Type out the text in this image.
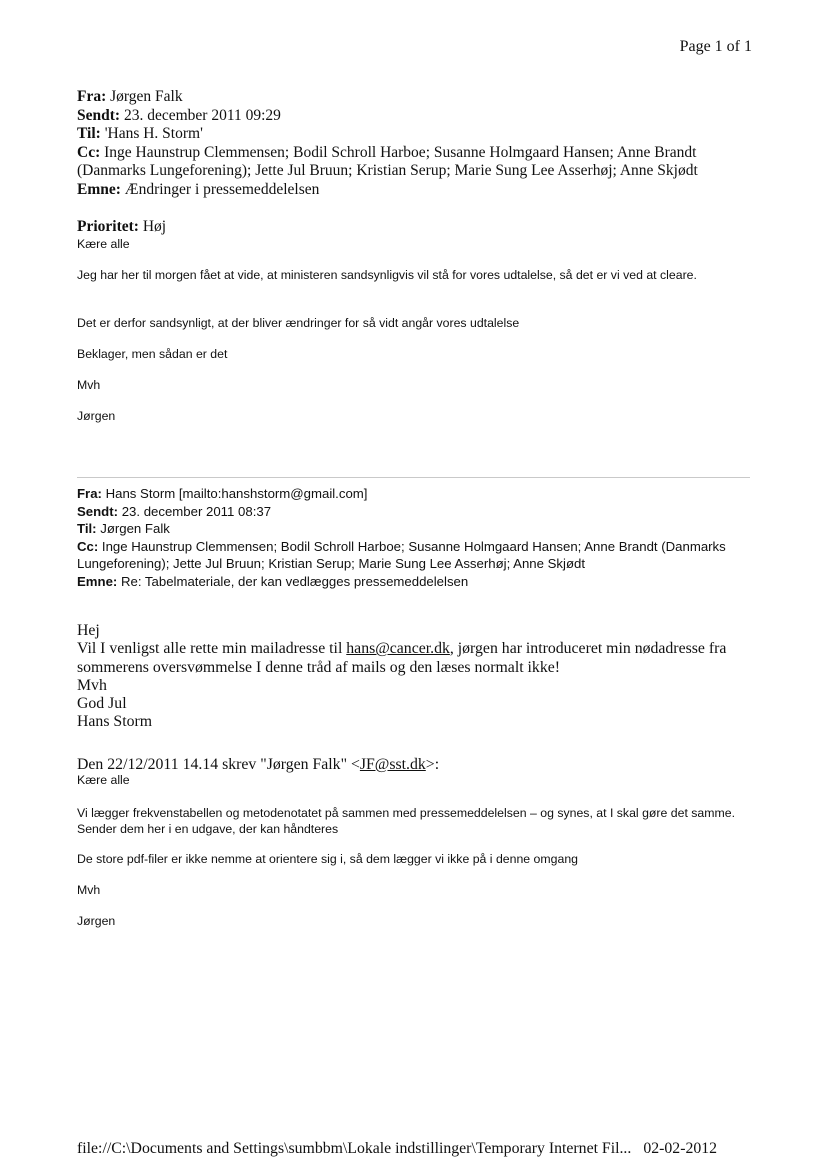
Page 1 of 1
Fra: Jørgen Falk
Sendt: 23. december 2011 09:29
Til: 'Hans H. Storm'
Cc: Inge Haunstrup Clemmensen; Bodil Schroll Harboe; Susanne Holmgaard Hansen; Anne Brandt (Danmarks Lungeforening); Jette Jul Bruun; Kristian Serup; Marie Sung Lee Asserhøj; Anne Skjødt
Emne: Ændringer i pressemeddelelsen
Prioritet: Høj
Kære alle
Jeg har her til morgen fået at vide, at ministeren sandsynligvis vil stå for vores udtalelse, så det er vi ved at cleare.
Det er derfor sandsynligt, at der bliver ændringer for så vidt angår vores udtalelse
Beklager, men sådan er det
Mvh
Jørgen
Fra: Hans Storm [mailto:hanshstorm@gmail.com]
Sendt: 23. december 2011 08:37
Til: Jørgen Falk
Cc: Inge Haunstrup Clemmensen; Bodil Schroll Harboe; Susanne Holmgaard Hansen; Anne Brandt (Danmarks Lungeforening); Jette Jul Bruun; Kristian Serup; Marie Sung Lee Asserhøj; Anne Skjødt
Emne: Re: Tabelmateriale, der kan vedlægges pressemeddelelsen
Hej
Vil I venligst alle rette min mailadresse til hans@cancer.dk, jørgen har introduceret min nødadresse fra sommerens oversvømmelse I denne tråd af mails og den læses normalt ikke!
Mvh
God Jul
Hans Storm
Den 22/12/2011 14.14 skrev "Jørgen Falk" <JF@sst.dk>:
Kære alle
Vi lægger frekvenstabellen og metodenotatet på sammen med pressemeddelelsen – og synes, at I skal gøre det samme. Sender dem her i en udgave, der kan håndteres
De store pdf-filer er ikke nemme at orientere sig i, så dem lægger vi ikke på i denne omgang
Mvh
Jørgen
file://C:\Documents and Settings\sumbbm\Lokale indstillinger\Temporary Internet Fil... 02-02-2012
